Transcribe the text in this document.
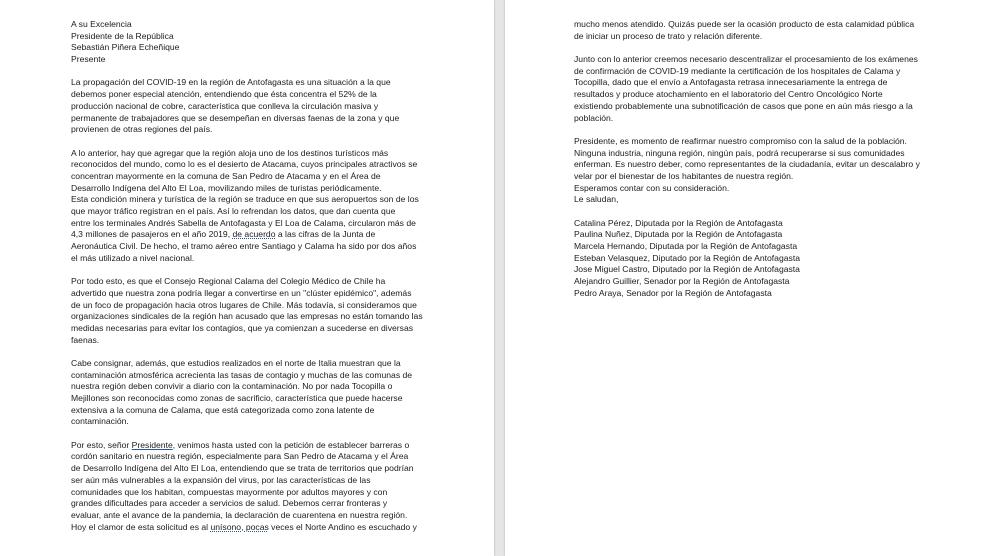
A su Excelencia
Presidente de la República
Sebastián Piñera Echeñique
Presente
La propagación del COVID-19 en la región de Antofagasta es una situación a la que
debemos poner especial atención, entendiendo que ésta concentra el 52% de la
producción nacional de cobre, característica que conlleva la circulación masiva y
permanente de trabajadores que se desempeñan en diversas faenas de la zona y que
provienen de otras regiones del país.
A lo anterior, hay que agregar que la región aloja uno de los destinos turísticos más
reconocidos del mundo, como lo es el desierto de Atacama, cuyos principales atractivos se
concentran mayormente en la comuna de San Pedro de Atacama y en el Área de
Desarrollo Indígena del Alto El Loa, movilizando miles de turistas periódicamente.
Esta condición minera y turística de la región se traduce en que sus aeropuertos son de los
que mayor tráfico registran en el país. Así lo refrendan los datos, que dan cuenta que
entre los terminales Andrés Sabella de Antofagasta y El Loa de Calama, circularon más de
4,3 millones de pasajeros en el año 2019, de acuerdo a las cifras de la Junta de
Aeronáutica Civil. De hecho, el tramo aéreo entre Santiago y Calama ha sido por dos años
el más utilizado a nivel nacional.
Por todo esto, es que el Consejo Regional Calama del Colegio Médico de Chile ha
advertido que nuestra zona podría llegar a convertirse en un "clúster epidémico", además
de un foco de propagación hacia otros lugares de Chile. Más todavía, si consideramos que
organizaciones sindicales de la región han acusado que las empresas no están tomando las
medidas necesarias para evitar los contagios, que ya comienzan a sucederse en diversas
faenas.
Cabe consignar, además, que estudios realizados en el norte de Italia muestran que la
contaminación atmosférica acrecienta las tasas de contagio y muchas de las comunas de
nuestra región deben convivir a diario con la contaminación. No por nada Tocopilla o
Mejillones son reconocidas como zonas de sacrificio, característica que puede hacerse
extensiva a la comuna de Calama, que está categorizada como zona latente de
contaminación.
Por esto, señor Presidente, venimos hasta usted con la petición de establecer barreras o
cordón sanitario en nuestra región, especialmente para San Pedro de Atacama y el Área
de Desarrollo Indígena del Alto El Loa, entendiendo que se trata de territorios que podrían
ser aún más vulnerables a la expansión del virus, por las características de las
comunidades que los habitan, compuestas mayormente por adultos mayores y con
grandes dificultades para acceder a servicios de salud. Debemos cerrar fronteras y
evaluar, ante el avance de la pandemia, la declaración de cuarentena en nuestra región.
Hoy el clamor de esta solicitud es al unísono, pocas veces el Norte Andino es escuchado y
mucho menos atendido. Quizás puede ser la ocasión producto de esta calamidad pública
de iniciar un proceso de trato y relación diferente.
Junto con lo anterior creemos necesario descentralizar el procesamiento de los exámenes
de confirmación de COVID-19 mediante la certificación de los hospitales de Calama y
Tocopilla, dado que el envío a Antofagasta retrasa innecesariamente la entrega de
resultados y produce atochamiento en el laboratorio del Centro Oncológico Norte
existiendo probablemente una subnotificación de casos que pone en aún más riesgo a la
población.
Presidente, es momento de reafirmar nuestro compromiso con la salud de la población.
Ninguna industria, ninguna región, ningún país, podrá recuperarse si sus comunidades
enferman. Es nuestro deber, como representantes de la ciudadanía, evitar un descalabro y
velar por el bienestar de los habitantes de nuestra región.
Esperamos contar con su consideración.
Le saludan,
Catalina Pérez, Diputada por la Región de Antofagasta
Paulina Nuñez, Diputada por la Región de Antofagasta
Marcela Hernando, Diputada por la Región de Antofagasta
Esteban Velasquez, Diputado por la Región de Antofagasta
Jose Miguel Castro, Diputado por la Región de Antofagasta
Alejandro Guillier, Senador por la Región de Antofagasta
Pedro Araya, Senador por la Región de Antofagasta
